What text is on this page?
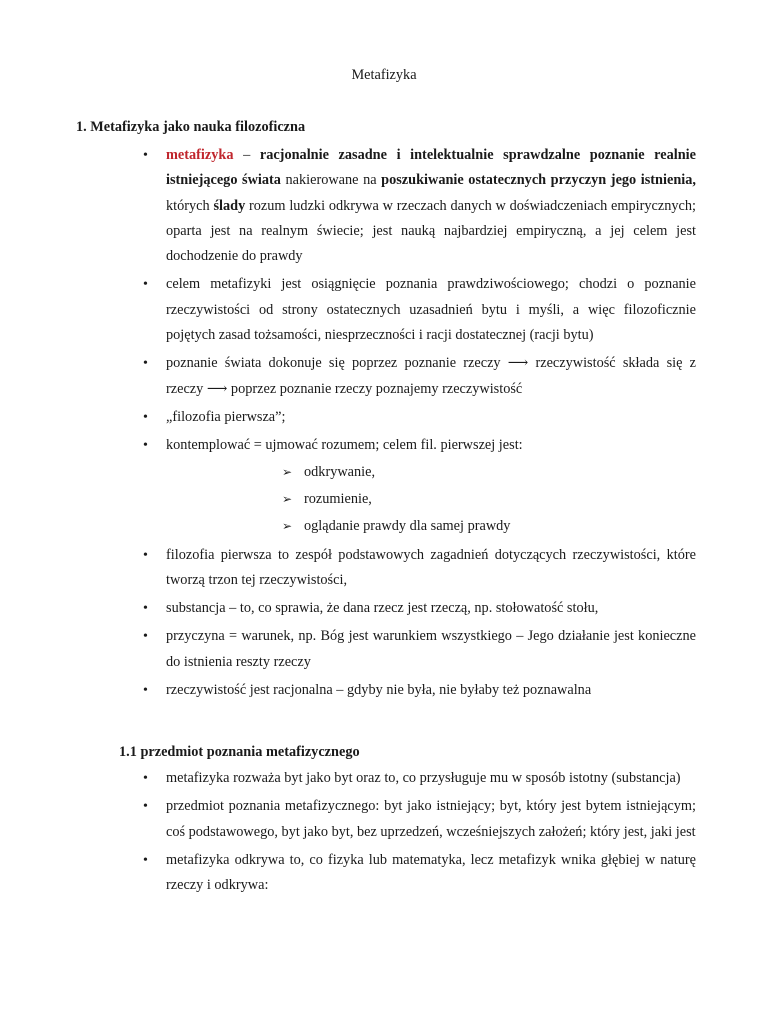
Metafizyka
1. Metafizyka jako nauka filozoficzna
• metafizyka – racjonalnie zasadne i intelektualnie sprawdzalne poznanie realnie istniejącego świata nakierowane na poszukiwanie ostatecznych przyczyn jego istnienia, których ślady rozum ludzki odkrywa w rzeczach danych w doświadczeniach empirycznych; oparta jest na realnym świecie; jest nauką najbardziej empiryczną, a jej celem jest dochodzenie do prawdy
• celem metafizyki jest osiągnięcie poznania prawdziwościowego; chodzi o poznanie rzeczywistości od strony ostatecznych uzasadnień bytu i myśli, a więc filozoficznie pojętych zasad tożsamości, niesprzeczności i racji dostatecznej (racji bytu)
• poznanie świata dokonuje się poprzez poznanie rzeczy ⟶ rzeczywistość składa się z rzeczy ⟶ poprzez poznanie rzeczy poznajemy rzeczywistość
• „filozofia pierwsza”;
• kontemplować = ujmować rozumem; celem fil. pierwszej jest:
➢ odkrywanie,
➢ rozumienie,
➢ oglądanie prawdy dla samej prawdy
• filozofia pierwsza to zespół podstawowych zagadnień dotyczących rzeczywistości, które tworzą trzon tej rzeczywistości,
• substancja – to, co sprawia, że dana rzecz jest rzeczą, np. stołowatość stołu,
• przyczyna = warunek, np. Bóg jest warunkiem wszystkiego – Jego działanie jest konieczne do istnienia reszty rzeczy
• rzeczywistość jest racjonalna – gdyby nie była, nie byłaby też poznawalna
1.1 przedmiot poznania metafizycznego
• metafizyka rozważa byt jako byt oraz to, co przysługuje mu w sposób istotny (substancja)
• przedmiot poznania metafizycznego: byt jako istniejący; byt, który jest bytem istniejącym; coś podstawowego, byt jako byt, bez uprzedzeń, wcześniejszych założeń; który jest, jaki jest
• metafizyka odkrywa to, co fizyka lub matematyka, lecz metafizyk wnika głębiej w naturę rzeczy i odkrywa:
